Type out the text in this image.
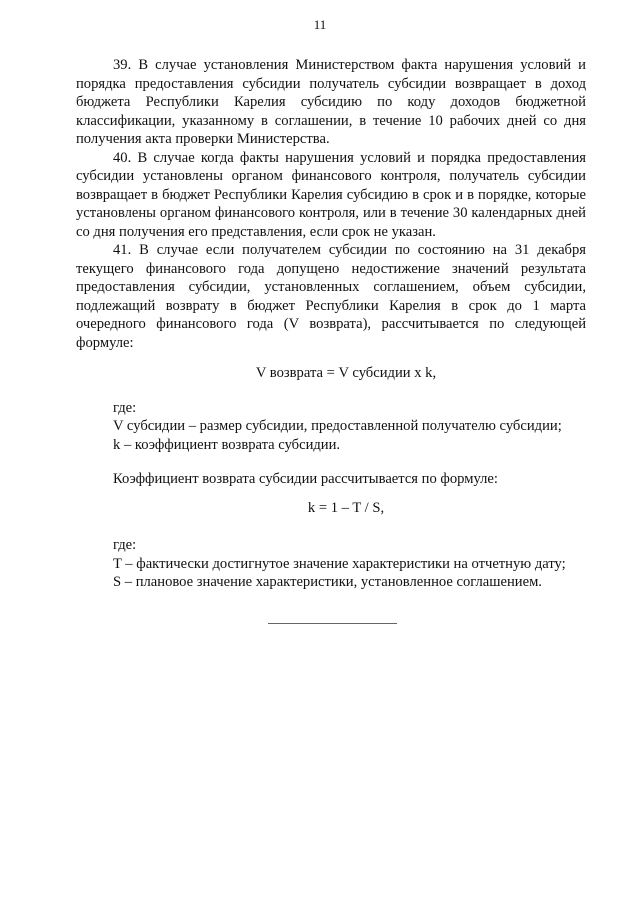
11

39. В случае установления Министерством факта нарушения условий и порядка предоставления субсидии получатель субсидии возвращает в доход бюджета Республики Карелия субсидию по коду доходов бюджетной классификации, указанному в соглашении, в течение 10 рабочих дней со дня получения акта проверки Министерства.

40. В случае когда факты нарушения условий и порядка предоставления субсидии установлены органом финансового контроля, получатель субсидии возвращает в бюджет Республики Карелия субсидию в срок и в порядке, которые установлены органом финансового контроля, или в течение 30 календарных дней со дня получения его представления, если срок не указан.

41. В случае если получателем субсидии по состоянию на 31 декабря текущего финансового года допущено недостижение значений результата предоставления субсидии, установленных соглашением, объем субсидии, подлежащий возврату в бюджет Республики Карелия в срок до 1 марта очередного финансового года (V возврата), рассчитывается по следующей формуле:

V возврата = V субсидии x k,

где:

V субсидии – размер субсидии, предоставленной получателю субсидии;

k – коэффициент возврата субсидии.

Коэффициент возврата субсидии рассчитывается по формуле:

k = 1 – T / S,

где:

T – фактически достигнутое значение характеристики на отчетную дату;

S – плановое значение характеристики, установленное соглашением.
